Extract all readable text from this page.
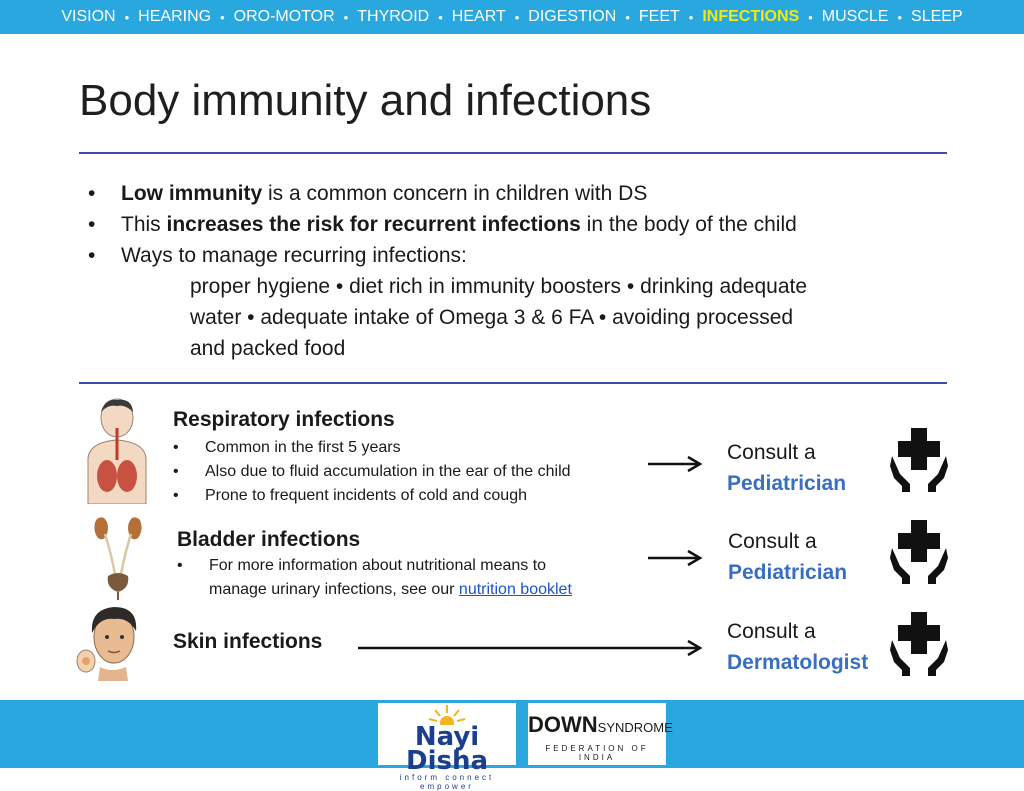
VISION • HEARING • ORO-MOTOR • THYROID • HEART • DIGESTION • FEET • INFECTIONS • MUSCLE • SLEEP
Body immunity and infections
•	Low immunity is a common concern in children with DS
•	This increases the risk for recurrent infections in the body of the child
•	Ways to manage recurring infections:
proper hygiene • diet rich in immunity boosters • drinking adequate
water • adequate intake of Omega 3 & 6 FA • avoiding processed
and packed food
Respiratory infections
•	Common in the first 5 years
•	Also due to fluid accumulation in the ear of the child
•	Prone to frequent incidents of cold and cough
Consult a
Pediatrician
Bladder infections
•	For more information about nutritional means to
manage urinary infections, see our nutrition booklet
Consult a
Pediatrician
Skin infections	Consult a
Dermatologist
Nayi Disha
inform connect empower
DOWNSYNDROME
FEDERATION OF INDIA
